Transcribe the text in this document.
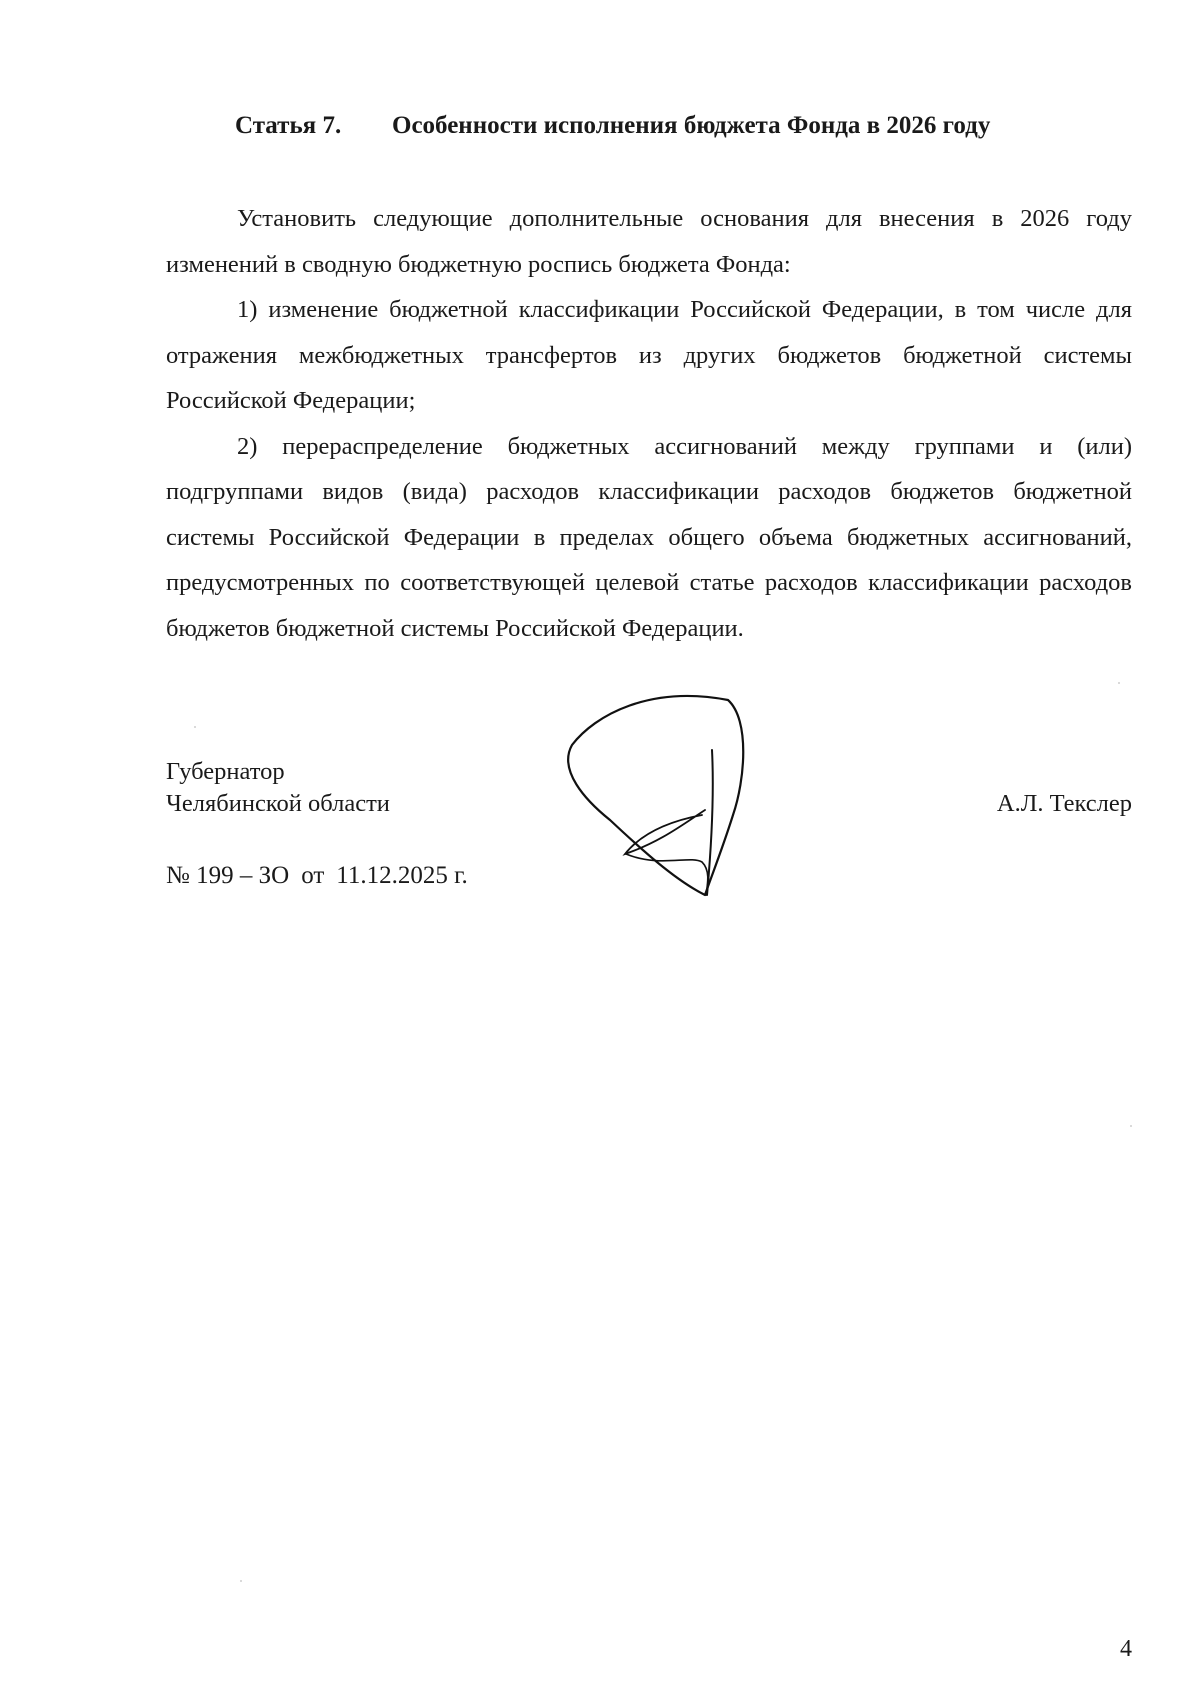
Статья 7. Особенности исполнения бюджета Фонда в 2026 году

Установить следующие дополнительные основания для внесения в 2026 году изменений в сводную бюджетную роспись бюджета Фонда:

1) изменение бюджетной классификации Российской Федерации, в том числе для отражения межбюджетных трансфертов из других бюджетов бюджетной системы Российской Федерации;

2) перераспределение бюджетных ассигнований между группами и (или) подгруппами видов (вида) расходов классификации расходов бюджетов бюджетной системы Российской Федерации в пределах общего объема бюджетных ассигнований, предусмотренных по соответствующей целевой статье расходов классификации расходов бюджетов бюджетной системы Российской Федерации.

Губернатор
Челябинской области	А.Л. Текслер
№ 199 – ЗО от 11.12.2025 г.
4
